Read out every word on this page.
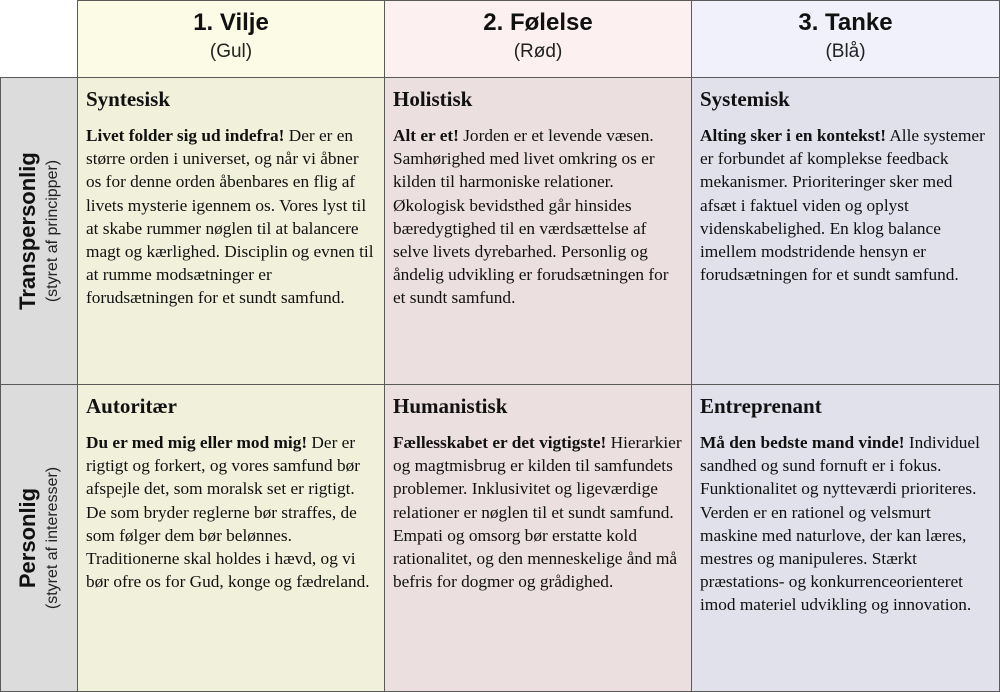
1. Vilje
(Gul)
2. Følelse
(Rød)
3. Tanke
(Blå)
Transpersonlig (styret af principper)
Syntesisk
Livet folder sig ud indefra! Der er en større orden i universet, og når vi åbner os for denne orden åbenbares en flig af livets mysterie igennem os. Vores lyst til at skabe rummer nøglen til at balancere magt og kærlighed. Disciplin og evnen til at rumme modsætninger er forudsætningen for et sundt samfund.
Holistisk
Alt er et! Jorden er et levende væsen. Samhørighed med livet omkring os er kilden til harmoniske relationer. Økologisk bevidsthed går hinsides bæredygtighed til en værdsættelse af selve livets dyrebarhed. Personlig og åndelig udvikling er forudsætningen for et sundt samfund.
Systemisk
Alting sker i en kontekst! Alle systemer er forbundet af komplekse feedback mekanismer. Prioriteringer sker med afsæt i faktuel viden og oplyst videnskabelighed. En klog balance imellem modstridende hensyn er forudsætningen for et sundt samfund.
Personlig (styret af interesser)
Autoritær
Du er med mig eller mod mig! Der er rigtigt og forkert, og vores samfund bør afspejle det, som moralsk set er rigtigt. De som bryder reglerne bør straffes, de som følger dem bør belønnes. Traditionerne skal holdes i hævd, og vi bør ofre os for Gud, konge og fædreland.
Humanistisk
Fællesskabet er det vigtigste! Hierarkier og magtmisbrug er kilden til samfundets problemer. Inklusivitet og ligeværdige relationer er nøglen til et sundt samfund. Empati og omsorg bør erstatte kold rationalitet, og den menneskelige ånd må befris for dogmer og grådighed.
Entreprenant
Må den bedste mand vinde! Individuel sandhed og sund fornuft er i fokus. Funktionalitet og nytteværdi prioriteres. Verden er en rationel og velsmurt maskine med naturlove, der kan læres, mestres og manipuleres. Stærkt præstations- og konkurrenceorienteret imod materiel udvikling og innovation.
